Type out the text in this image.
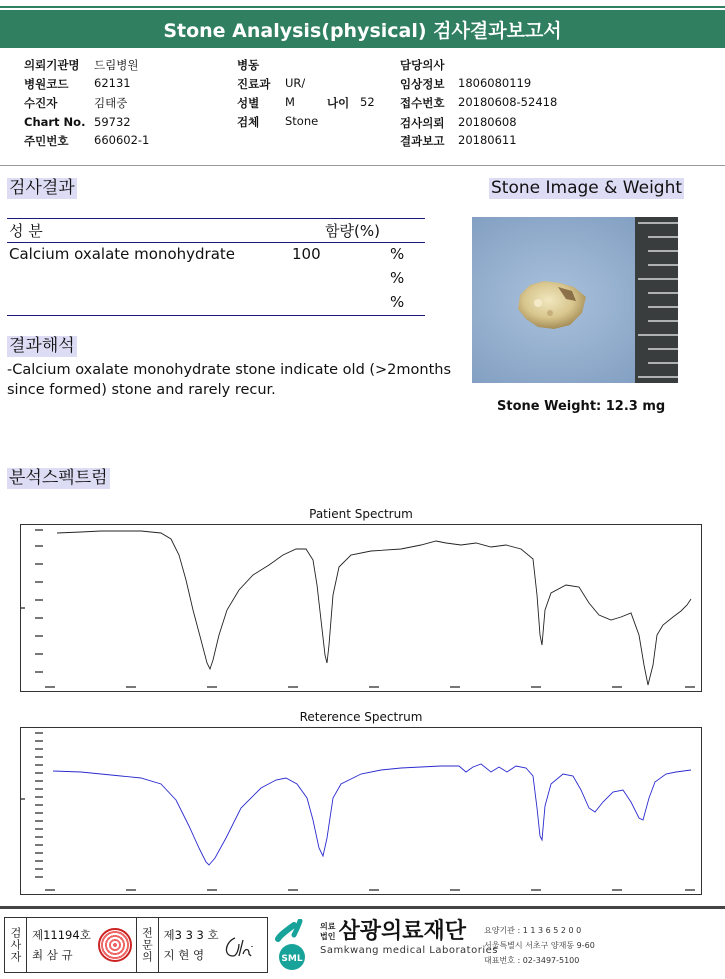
Stone Analysis(physical) 검사결과보고서
의뢰기관명	드림병원
병원코드	62131
수진자	김태중
Chart No. 59732
주민번호	660602-1
병동
진료과	UR/
성별	M
검체	Stone
나이 52
담당의사
임상정보	1806080119
접수번호	20180608-52418
검사의뢰	20180608
결과보고	20180611
검사결과
성 분	함량(%)
Calcium oxalate monohydrate	100	%
%
%
결과해석
-Calcium oxalate monohydrate stone indicate old (>2months since formed) stone and rarely recur.
Stone Image & Weight
Stone Weight: 12.3 mg
분석스펙트럼
Patient Spectrum
Reterence Spectrum
검사자 제11194호
최 삼 규	전문의 제3 3 3 호
지 현 영	SML
의료
법인 삼광의료재단
Samkwang medical Laboratories
요양기관 : 1 1 3 6 5 2 0 0
서울특별시 서초구 양재동 9-60
대표번호 : 02-3497-5100
